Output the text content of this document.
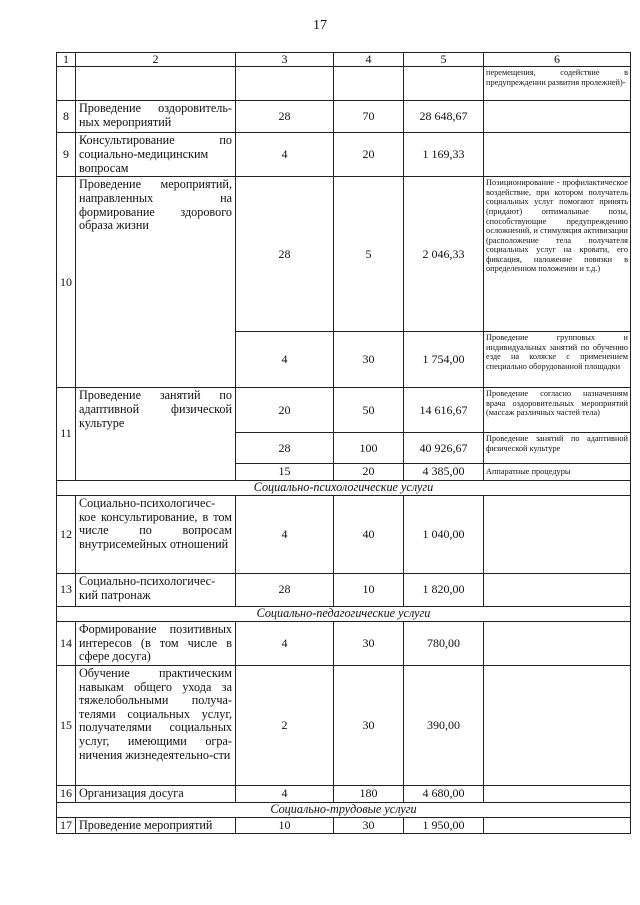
17
1	2	3	4	5	6
					перемещения, содействие в предупреждении развития пролежней)-
8	Проведение оздоровитель-ных мероприятий	28	70	28 648,67	
9	Консультирование по социально-медицинским вопросам	4	20	1 169,33	
10	Проведение мероприятий, направленных на формирование здорового образа жизни	28	5	2 046,33	Позиционирование - профилактическое воздействие, при котором получатель социальных услуг помогают принять (придают) оптимальные позы, способствующие предупреждению осложнений, и стимуляция активизации (расположение тела получателя социальных услуг на кровати, его фиксация, наложение повязки в определенном положении и т.д.)
		4	30	1 754,00	Проведение групповых и индивидуальных занятий по обучению езде на коляске с применением специально оборудованной площадки
11	Проведение занятий по адаптивной физической культуре	20	50	14 616,67	Проведение согласно назначениям врача оздоровительных мероприятий (массаж различных частей тела)
		28	100	40 926,67	Проведение занятий по адаптивной физической культуре
		15	20	4 385,00	Аппаратные процедуры
Социально-психологические услуги					
12	Социально-психологичес-кое консультирование, в том числе по вопросам внутрисемейных отношений	4	40	1 040,00	
13	Социально-психологичес-кий патронаж	28	10	1 820,00	
Социально-педагогические услуги					
14	Формирование позитивных интересов (в том числе в сфере досуга)	4	30	780,00	
15	Обучение практическим навыкам общего ухода за тяжелобольными получа-телями социальных услуг, получателями социальных услуг, имеющими огра-ничения жизнедеятельно-сти	2	30	390,00	
16	Организация досуга	4	180	4 680,00	
Социально-трудовые услуги					
17	Проведение мероприятий	10	30	1 950,00	
